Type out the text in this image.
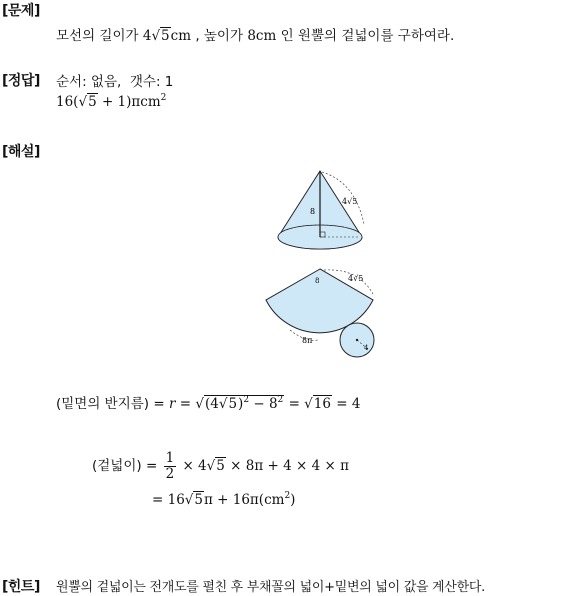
[문제]
모선의 길이가 4√5cm , 높이가 8cm 인 원뿔의 겉넓이를 구하여라.
[정답] 순서: 없음, 갯수: 1
16(√5 + 1)πcm$^2$
[해설]
8
4√5
8	4√5
8π
4
(밑면의 반지름) = $r = √(4√5)^2 - 8^2 = √16 = 4$
(겉넓이) = $\frac{1}{2} \times 4√5 \times 8\pi + 4 \times 4 \times \pi$
= $16√5\pi + 16\pi(cm^2)$
[힌트] 원뿔의 겉넓이는 전개도를 펼친 후 부채꼴의 넓이+밑변의 넓이 값을 계산한다.
